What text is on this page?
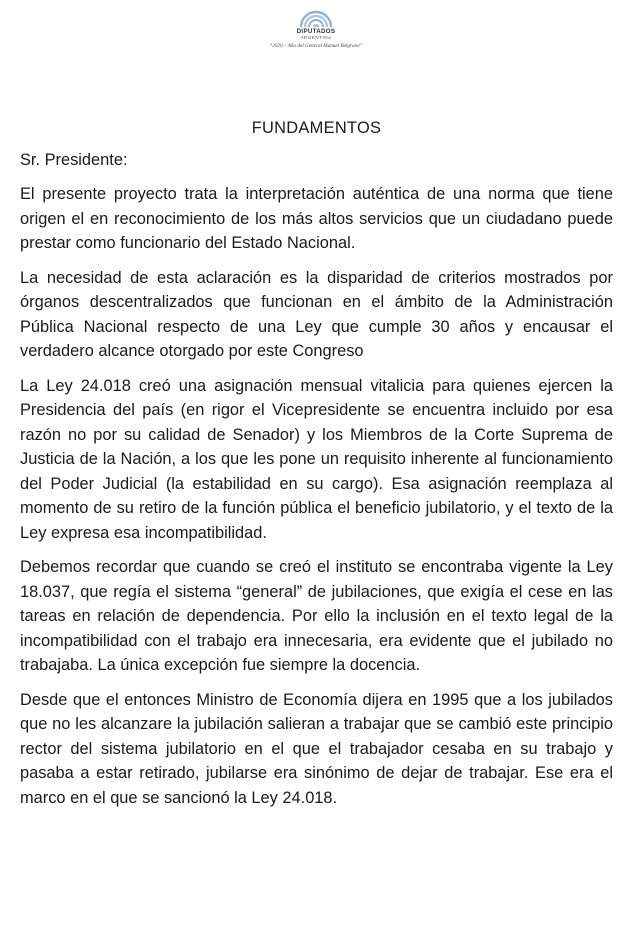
DIPUTADOS
ARGENTINA
“2020 – Año del General Manuel Belgrano”
FUNDAMENTOS
Sr. Presidente:

El presente proyecto trata la interpretación auténtica de una norma que tiene origen el en reconocimiento de los más altos servicios que un ciudadano puede prestar como funcionario del Estado Nacional.

La necesidad de esta aclaración es la disparidad de criterios mostrados por órganos descentralizados que funcionan en el ámbito de la Administración Pública Nacional respecto de una Ley que cumple 30 años y encausar el verdadero alcance otorgado por este Congreso

La Ley 24.018 creó una asignación mensual vitalicia para quienes ejercen la Presidencia del país (en rigor el Vicepresidente se encuentra incluido por esa razón no por su calidad de Senador) y los Miembros de la Corte Suprema de Justicia de la Nación, a los que les pone un requisito inherente al funcionamiento del Poder Judicial (la estabilidad en su cargo). Esa asignación reemplaza al momento de su retiro de la función pública el beneficio jubilatorio, y el texto de la Ley expresa esa incompatibilidad.

Debemos recordar que cuando se creó el instituto se encontraba vigente la Ley 18.037, que regía el sistema “general” de jubilaciones, que exigía el cese en las tareas en relación de dependencia. Por ello la inclusión en el texto legal de la incompatibilidad con el trabajo era innecesaria, era evidente que el jubilado no trabajaba. La única excepción fue siempre la docencia.

Desde que el entonces Ministro de Economía dijera en 1995 que a los jubilados que no les alcanzare la jubilación salieran a trabajar que se cambió este principio rector del sistema jubilatorio en el que el trabajador cesaba en su trabajo y pasaba a estar retirado, jubilarse era sinónimo de dejar de trabajar. Ese era el marco en el que se sancionó la Ley 24.018.
